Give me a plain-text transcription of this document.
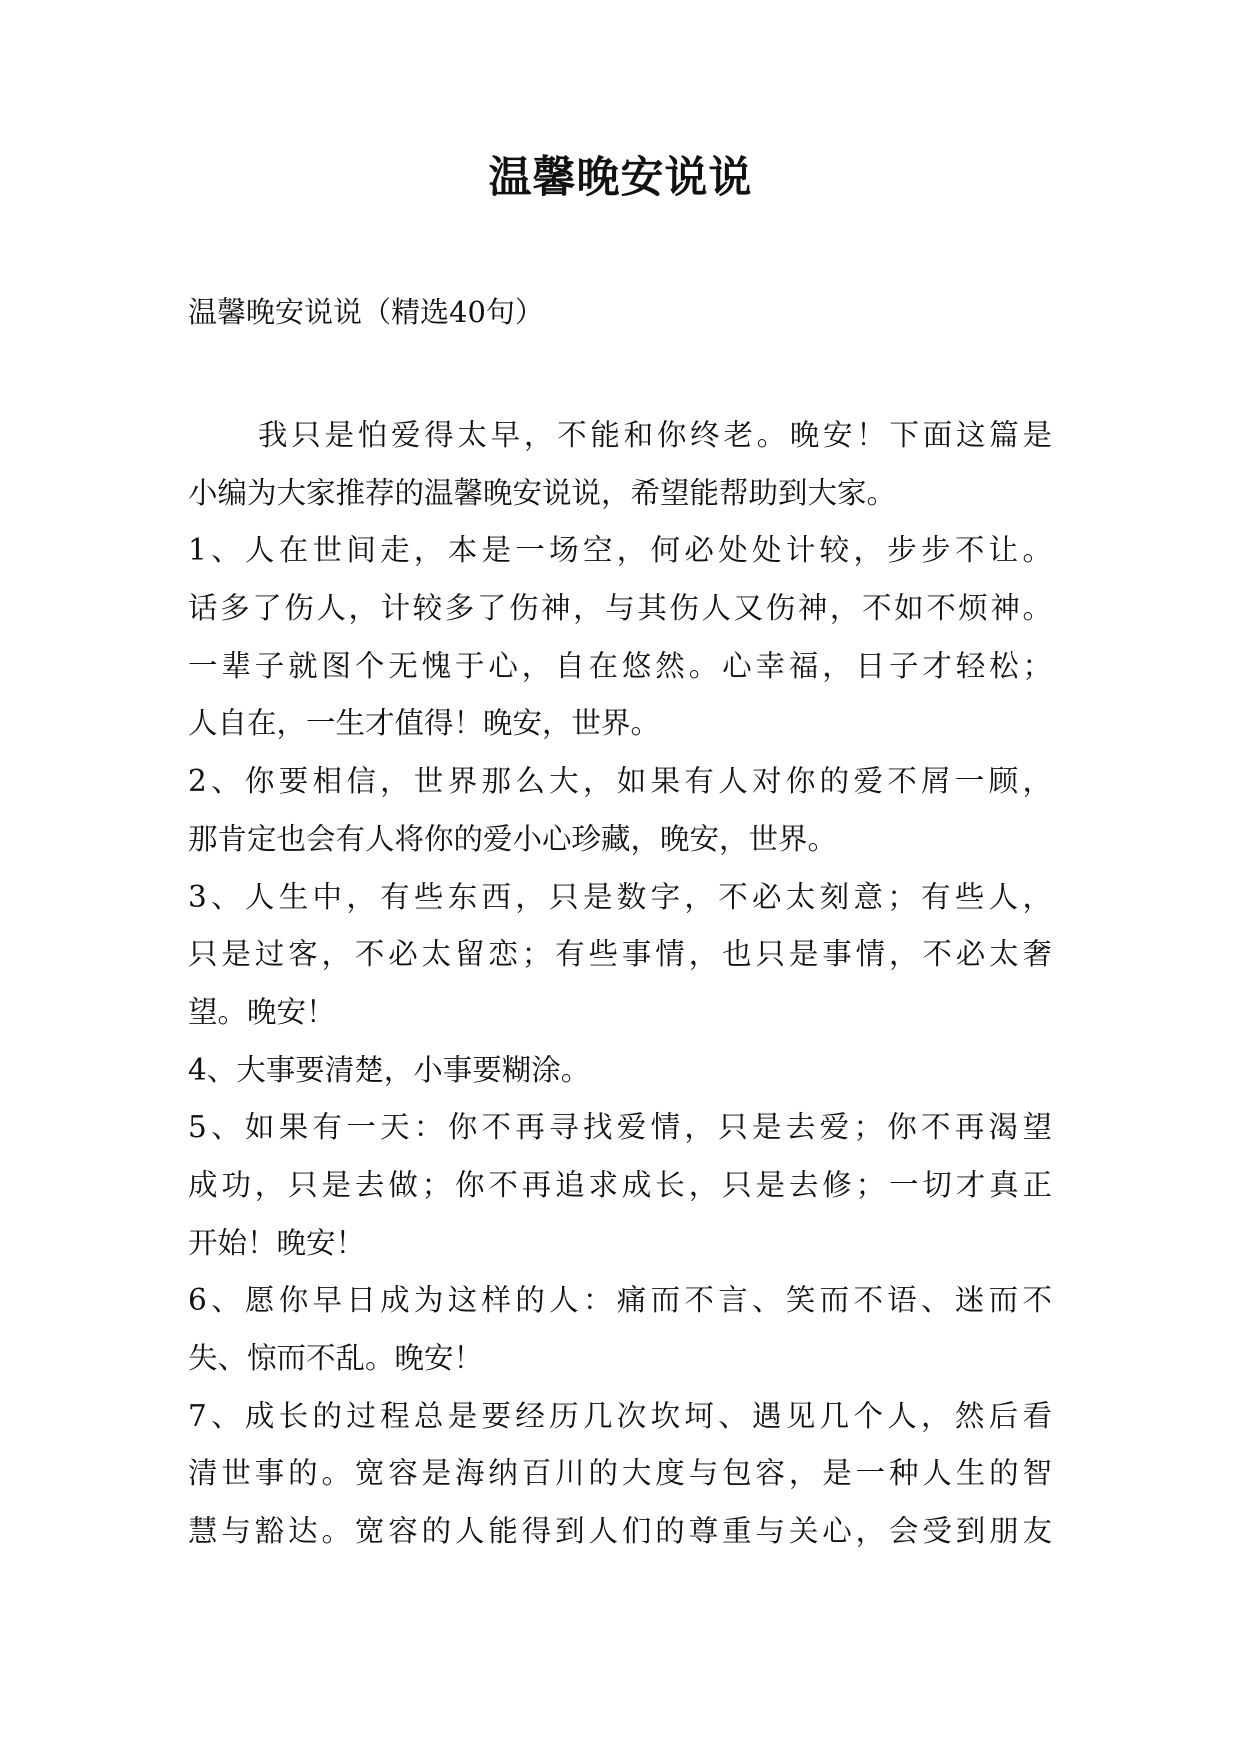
温馨晚安说说
温馨晚安说说（精选40句）
我只是怕爱得太早，不能和你终老。晚安！下面这篇是
小编为大家推荐的温馨晚安说说，希望能帮助到大家。
1、人在世间走，本是一场空，何必处处计较，步步不让。
话多了伤人，计较多了伤神，与其伤人又伤神，不如不烦神。
一辈子就图个无愧于心，自在悠然。心幸福，日子才轻松；
人自在，一生才值得！晚安，世界。
2、你要相信，世界那么大，如果有人对你的爱不屑一顾，
那肯定也会有人将你的爱小心珍藏，晚安，世界。
3、人生中，有些东西，只是数字，不必太刻意；有些人，
只是过客，不必太留恋；有些事情，也只是事情，不必太奢
望。晚安！
4、大事要清楚，小事要糊涂。
5、如果有一天：你不再寻找爱情，只是去爱；你不再渴望
成功，只是去做；你不再追求成长，只是去修；一切才真正
开始！晚安！
6、愿你早日成为这样的人：痛而不言、笑而不语、迷而不
失、惊而不乱。晚安！
7、成长的过程总是要经历几次坎坷、遇见几个人，然后看
清世事的。宽容是海纳百川的大度与包容，是一种人生的智
慧与豁达。宽容的人能得到人们的尊重与关心，会受到朋友
